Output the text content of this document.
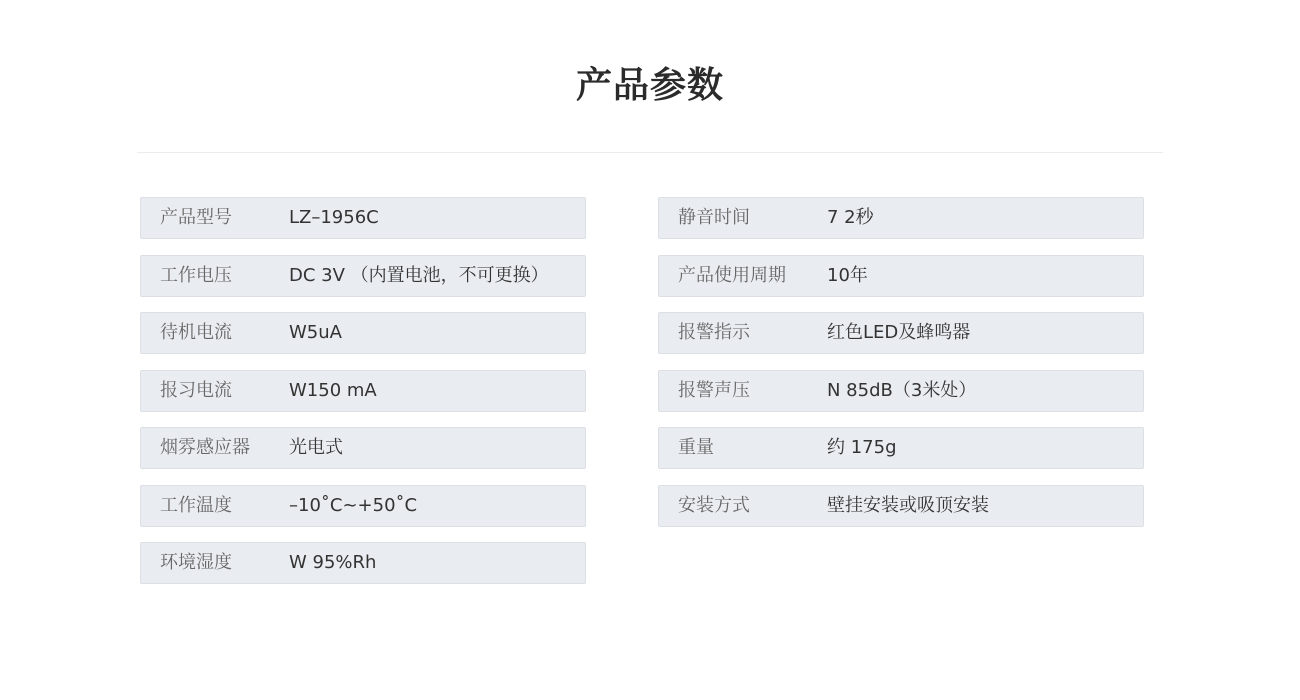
产品参数
产品型号	LZ–1956C
工作电压	DC 3V （内置电池，不可更换）
待机电流	W5uA
报习电流	W150 mA
烟雰感应器 光电式
工作温度	–10˚C~+50˚C
环境湿度	W 95%Rh
静音时间	7 2秒
产品使用周期 10年
报警指示	红色LED及蜂鸣器
报警声压	N 85dB（3米处）
重量	约 175g
安装方式	壁挂安装或吸顶安装
